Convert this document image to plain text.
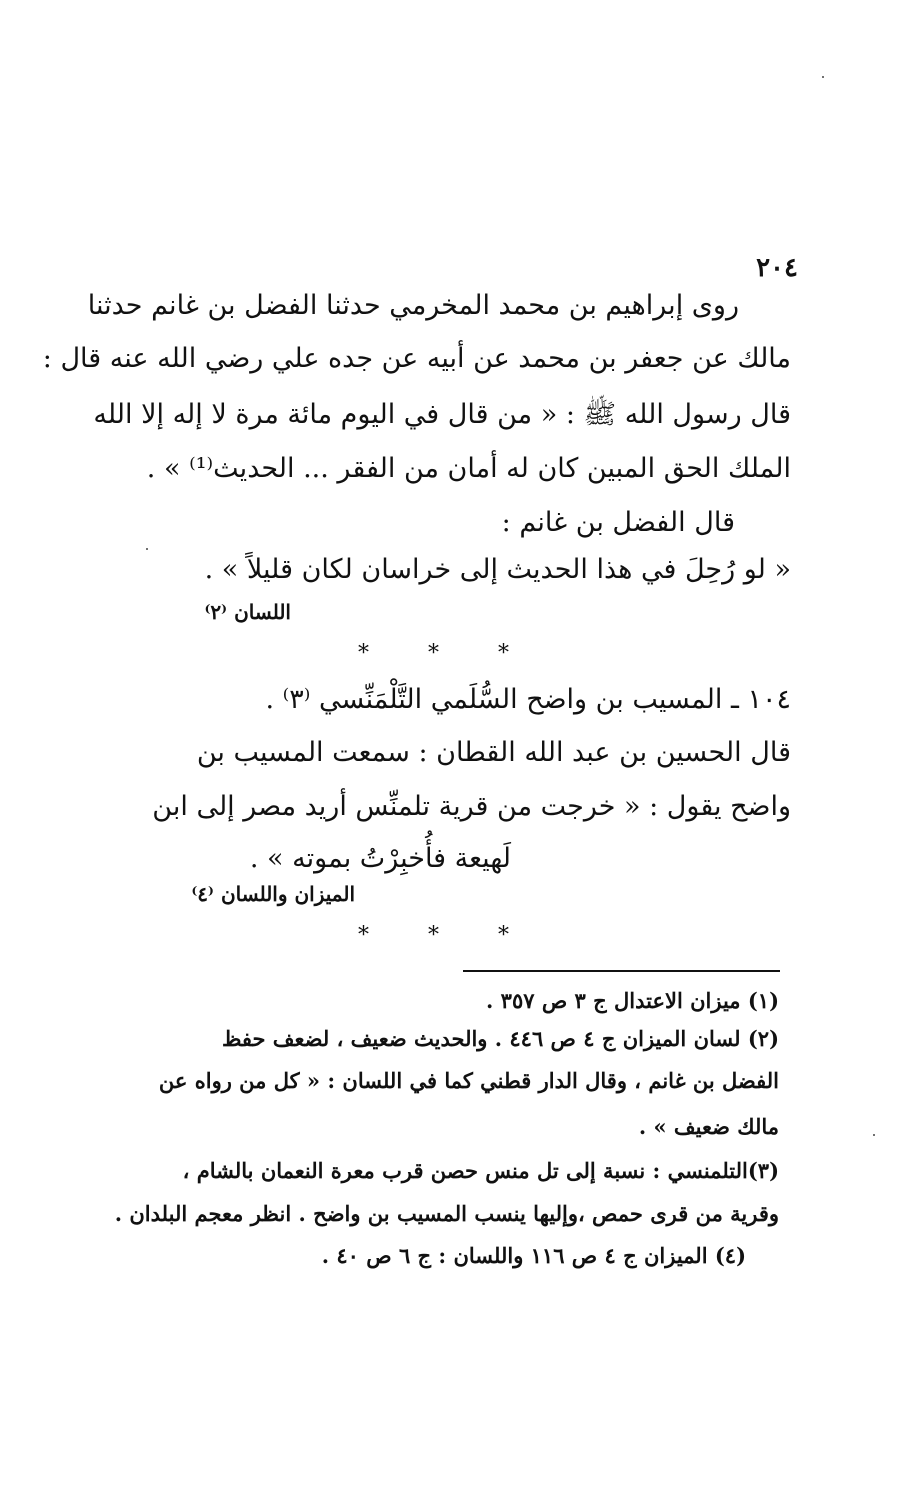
٢٠٤
روى إبراهيم بن محمد المخرمي حدثنا الفضل بن غانم حدثنا
مالك عن جعفر بن محمد عن أبيه عن جده علي رضي الله عنه قال :
قال رسول الله ﷺ : « من قال في اليوم مائة مرة لا إله إلا الله
الملك الحق المبين كان له أمان من الفقر ... الحديث⁽¹⁾ » .
قال الفضل بن غانم :
« لو رُحِلَ في هذا الحديث إلى خراسان لكان قليلاً » .
اللسان ⁽٢⁾
* * *
١٠٤ ـ المسيب بن واضح السُّلَمي التَّلْمَنِّسي ⁽٣⁾ .
قال الحسين بن عبد الله القطان : سمعت المسيب بن
واضح يقول : « خرجت من قرية تلمنِّس أريد مصر إلى ابن
لَهيعة فأُخبِرْتُ بموته » .
الميزان واللسان ⁽٤⁾
* * *
(١) ميزان الاعتدال ج ٣ ص ٣٥٧ .
(٢) لسان الميزان ج ٤ ص ٤٤٦ . والحديث ضعيف ، لضعف حفظ
الفضل بن غانم ، وقال الدار قطني كما في اللسان : « كل من رواه عن
مالك ضعيف » .
(٣)التلمنسي : نسبة إلى تل منس حصن قرب معرة النعمان بالشام ،
وقرية من قرى حمص ،وإليها ينسب المسيب بن واضح . انظر معجم البلدان .
(٤) الميزان ج ٤ ص ١١٦ واللسان : ج ٦ ص ٤٠ .
